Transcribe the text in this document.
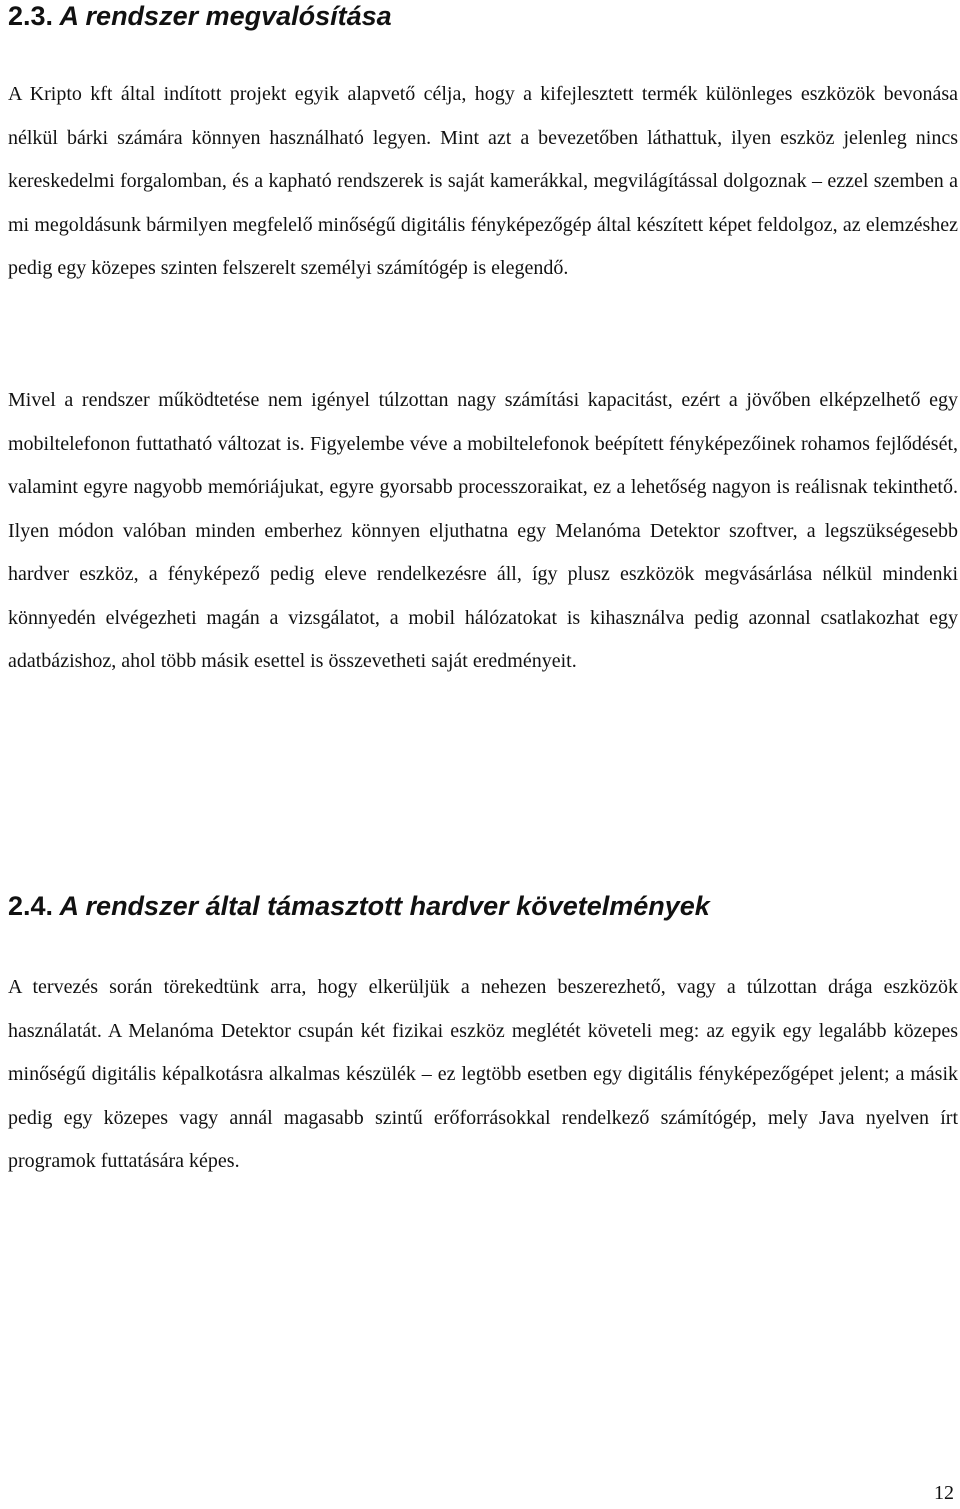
2.3. A rendszer megvalósítása

A Kripto kft által indított projekt egyik alapvető célja, hogy a kifejlesztett termék különleges eszközök bevonása nélkül bárki számára könnyen használható legyen. Mint azt a bevezetőben láthattuk, ilyen eszköz jelenleg nincs kereskedelmi forgalomban, és a kapható rendszerek is saját kamerákkal, megvilágítással dolgoznak – ezzel szemben a mi megoldásunk bármilyen megfelelő minőségű digitális fényképezőgép által készített képet feldolgoz, az elemzéshez pedig egy közepes szinten felszerelt személyi számítógép is elegendő.

Mivel a rendszer működtetése nem igényel túlzottan nagy számítási kapacitást, ezért a jövőben elképzelhető egy mobiltelefonon futtatható változat is. Figyelembe véve a mobiltelefonok beépített fényképezőinek rohamos fejlődését, valamint egyre nagyobb memóriájukat, egyre gyorsabb processzoraikat, ez a lehetőség nagyon is reálisnak tekinthető. Ilyen módon valóban minden emberhez könnyen eljuthatna egy Melanóma Detektor szoftver, a legszükségesebb hardver eszköz, a fényképező pedig eleve rendelkezésre áll, így plusz eszközök megvásárlása nélkül mindenki könnyedén elvégezheti magán a vizsgálatot, a mobil hálózatokat is kihasználva pedig azonnal csatlakozhat egy adatbázishoz, ahol több másik esettel is összevetheti saját eredményeit.

2.4. A rendszer által támasztott hardver követelmények

A tervezés során törekedtünk arra, hogy elkerüljük a nehezen beszerezhető, vagy a túlzottan drága eszközök használatát. A Melanóma Detektor csupán két fizikai eszköz meglétét követeli meg: az egyik egy legalább közepes minőségű digitális képalkotásra alkalmas készülék – ez legtöbb esetben egy digitális fényképezőgépet jelent; a másik pedig egy közepes vagy annál magasabb szintű erőforrásokkal rendelkező számítógép, mely Java nyelven írt programok futtatására képes.

12
